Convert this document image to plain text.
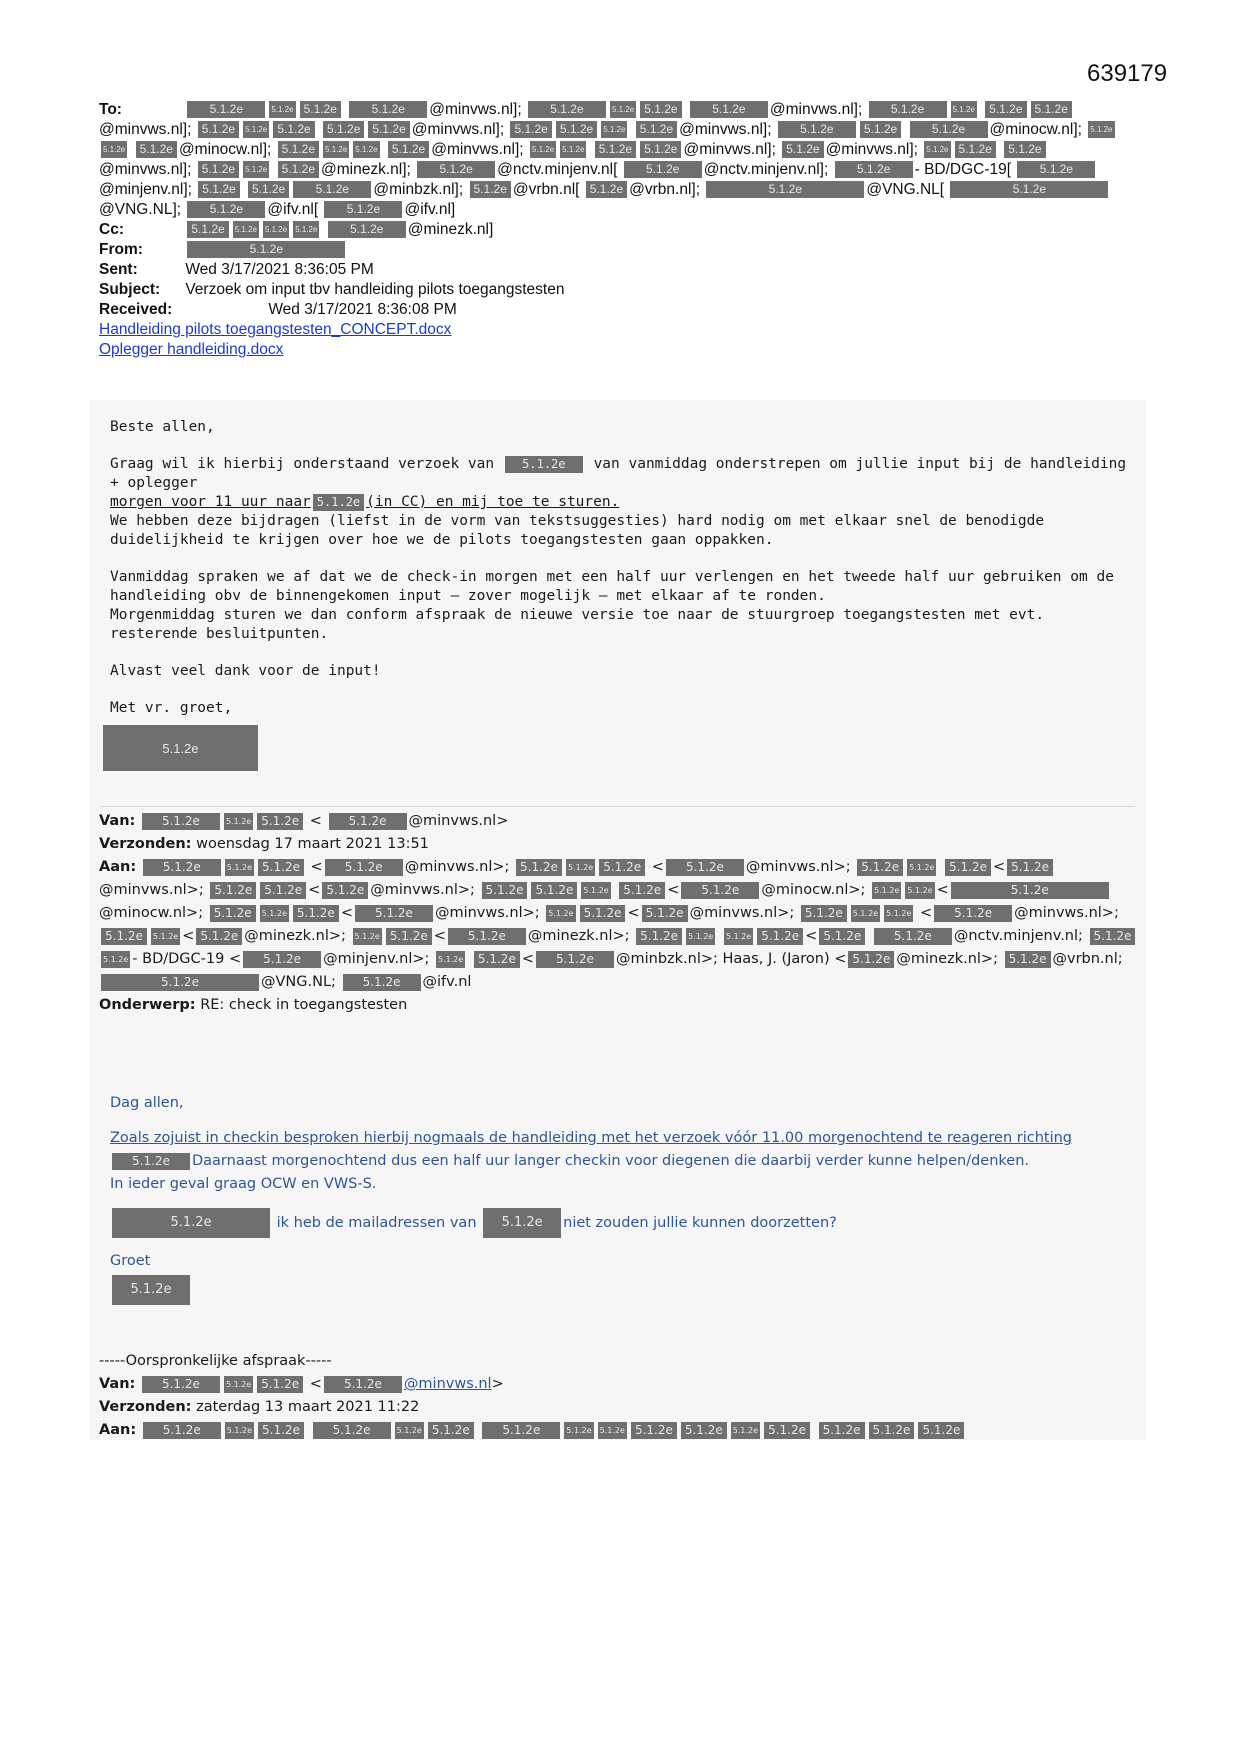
639179
To:	5.1.2e	5.1.2e 5.1.2e	5.1.2e @minvws.nl]; 5.1.2e	5.1.2e 5.1.2e	5.1.2e @minvws.nl]; 5.1.2e	5.1.2e 5.1.2e 5.1.2e@minvws.nl]; 5.1.2e 5.1.2e 5.1.2e 5.1.2e 5.1.2e @minvws.nl]; 5.1.2e 5.1.2e 5.1.2e 5.1.2e @minvws.nl]; 5.1.2e	5.1.2e	5.1.2e @minocw.nl]; 5.1.2e5.1.2e 5.1.2e @minocw.nl]; 5.1.2e 5.1.2e 5.1.2e 5.1.2e @minvws.nl]; 5.1.2e 5.1.2e 5.1.2e 5.1.2e @minvws.nl]; 5.1.2e @minvws.nl]; 5.1.2e 5.1.2e 5.1.2e@minvws.nl]; 5.1.2e 5.1.2e 5.1.2e @minezk.nl]; 5.1.2e @nctv.minjenv.nl[ 5.1.2e @nctv.minjenv.nl]; 5.1.2e - BD/DGC-19[ 5.1.2e@minjenv.nl]; 5.1.2e 5.1.2e	5.1.2e @minbzk.nl]; 5.1.2e @vrbn.nl[ 5.1.2e @vrbn.nl];	5.1.2e	@VNG.NL[	5.1.2e@VNG.NL]; 5.1.2e @ifv.nl[ 5.1.2e @ifv.nl]
Cc:	5.1.2e 5.1.2e 5.1.2e 5.1.2e	5.1.2e @minezk.nl]
From:	5.1.2e
Sent:	Wed 3/17/2021 8:36:05 PM
Subject: Verzoek om input tbv handleiding pilots toegangstesten
Received:	Wed 3/17/2021 8:36:08 PM
Handleiding pilots toegangstesten_CONCEPT.docx
Oplegger handleiding.docx

Beste allen,

Graag wil ik hierbij onderstaand verzoek van 5.1.2e van vanmiddag onderstrepen om jullie input bij de handleiding + oplegger
morgen voor 11 uur naar 5.1.2e (in CC) en mij toe te sturen.
We hebben deze bijdragen (liefst in de vorm van tekstsuggesties) hard nodig om met elkaar snel de benodigde duidelijkheid te krijgen over hoe we de pilots toegangstesten gaan oppakken.

Vanmiddag spraken we af dat we de check-in morgen met een half uur verlengen en het tweede half uur gebruiken om de handleiding obv de binnengekomen input – zover mogelijk – met elkaar af te ronden.
Morgenmiddag sturen we dan conform afspraak de nieuwe versie toe naar de stuurgroep toegangstesten met evt. resterende besluitpunten.

Alvast veel dank voor de input!

Met vr. groet,

5.1.2e
Van: 5.1.2e	5.1.2e 5.1.2e < 5.1.2e @minvws.nl>
Verzonden: woensdag 17 maart 2021 13:51
Aan: 5.1.2e	5.1.2e 5.1.2e < 5.1.2e @minvws.nl>; 5.1.2e 5.1.2e 5.1.2e < 5.1.2e @minvws.nl>; 5.1.2e 5.1.2e 5.1.2e < 5.1.2e@minvws.nl>; 5.1.2e 5.1.2e < 5.1.2e @minvws.nl>; 5.1.2e 5.1.2e 5.1.2e 5.1.2e < 5.1.2e @minocw.nl>; 5.1.2e 5.1.2e <	5.1.2e@minocw.nl>; 5.1.2e 5.1.2e 5.1.2e < 5.1.2e @minvws.nl>; 5.1.2e 5.1.2e < 5.1.2e @minvws.nl>; 5.1.2e 5.1.2e 5.1.2e < 5.1.2e @minvws.nl>; 5.1.2e 5.1.2e < 5.1.2e @minezk.nl>; 5.1.2e 5.1.2e < 5.1.2e @minezk.nl>; 5.1.2e 5.1.2e 5.1.2e 5.1.2e < 5.1.2e	5.1.2e @nctv.minjenv.nl; 5.1.2e5.1.2e - BD/DGC-19 < 5.1.2e @minjenv.nl>; 5.1.2e 5.1.2e < 5.1.2e @minbzk.nl>; Haas, J. (Jaron) < 5.1.2e @minezk.nl>; 5.1.2e @vrbn.nl; 5.1.2e	@VNG.NL; 5.1.2e @ifv.nl
Onderwerp: RE: check in toegangstesten

Dag allen,

Zoals zojuist in checkin besproken hierbij nogmaals de handleiding met het verzoek vóór 11.00 morgenochtend te reageren richting
5.1.2e Daarnaast morgenochtend dus een half uur langer checkin voor diegenen die daarbij verder kunne helpen/denken.
In ieder geval graag OCW en VWS-S.

5.1.2e	ik heb de mailadressen van 5.1.2e niet zouden jullie kunnen doorzetten?

Groet

5.1.2e
-----Oorspronkelijke afspraak-----
Van: 5.1.2e	5.1.2e 5.1.2e < 5.1.2e @minvws.nl>
Verzonden: zaterdag 13 maart 2021 11:22
Aan: 5.1.2e	5.1.2e 5.1.2e	5.1.2e	5.1.2e 5.1.2e	5.1.2e	5.1.2e 5.1.2e 5.1.2e 5.1.2e 5.1.2e 5.1.2e 5.1.2e 5.1.2e 5.1.2e
